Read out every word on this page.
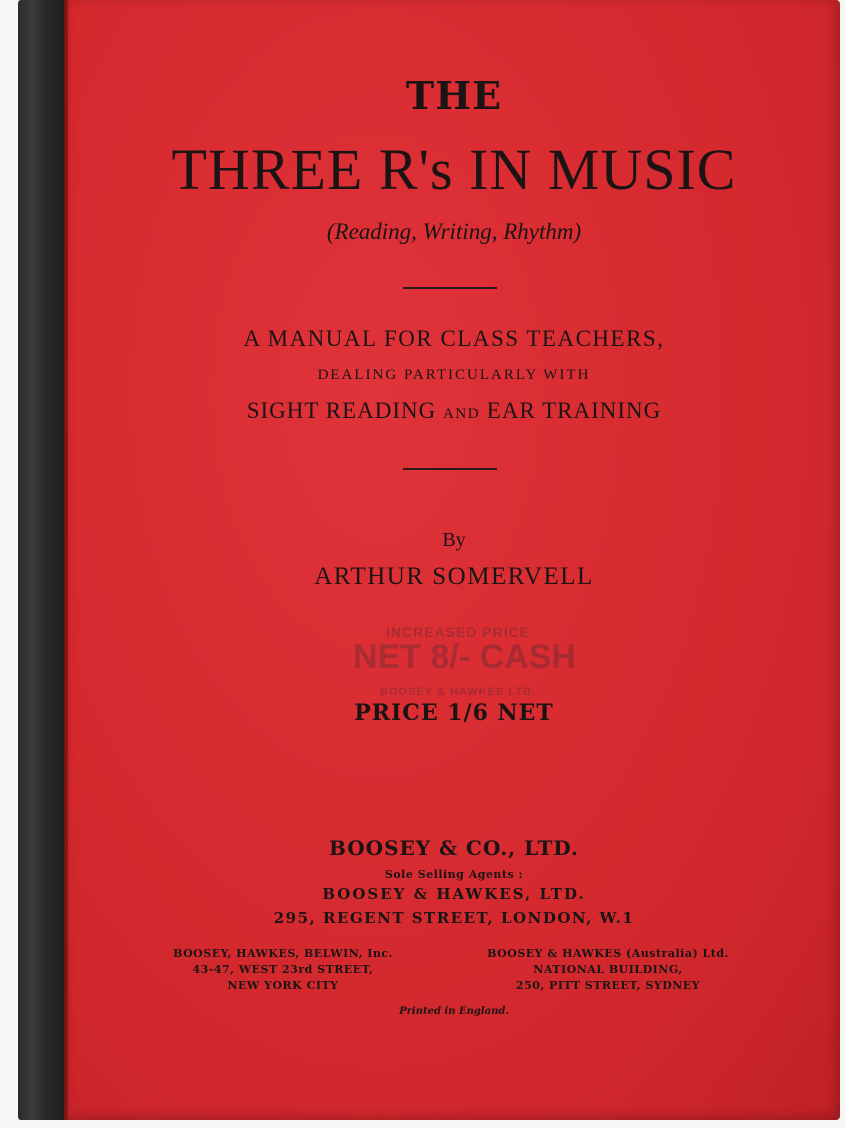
THE
THREE R's IN MUSIC
(Reading, Writing, Rhythm)
A MANUAL FOR CLASS TEACHERS,
DEALING PARTICULARLY WITH
SIGHT READING AND EAR TRAINING
By
ARTHUR SOMERVELL
INCREASED PRICE
NET 8/- CASH
BOOSEY & HAWKES LTD.
PRICE 1/6 NET
BOOSEY & CO., LTD.
Sole Selling Agents :
BOOSEY & HAWKES, LTD.
295, REGENT STREET, LONDON, W.1
BOOSEY, HAWKES, BELWIN, Inc.
43-47, WEST 23rd STREET,
NEW YORK CITY
BOOSEY & HAWKES (Australia) Ltd.
NATIONAL BUILDING,
250, PITT STREET, SYDNEY
Printed in England.
